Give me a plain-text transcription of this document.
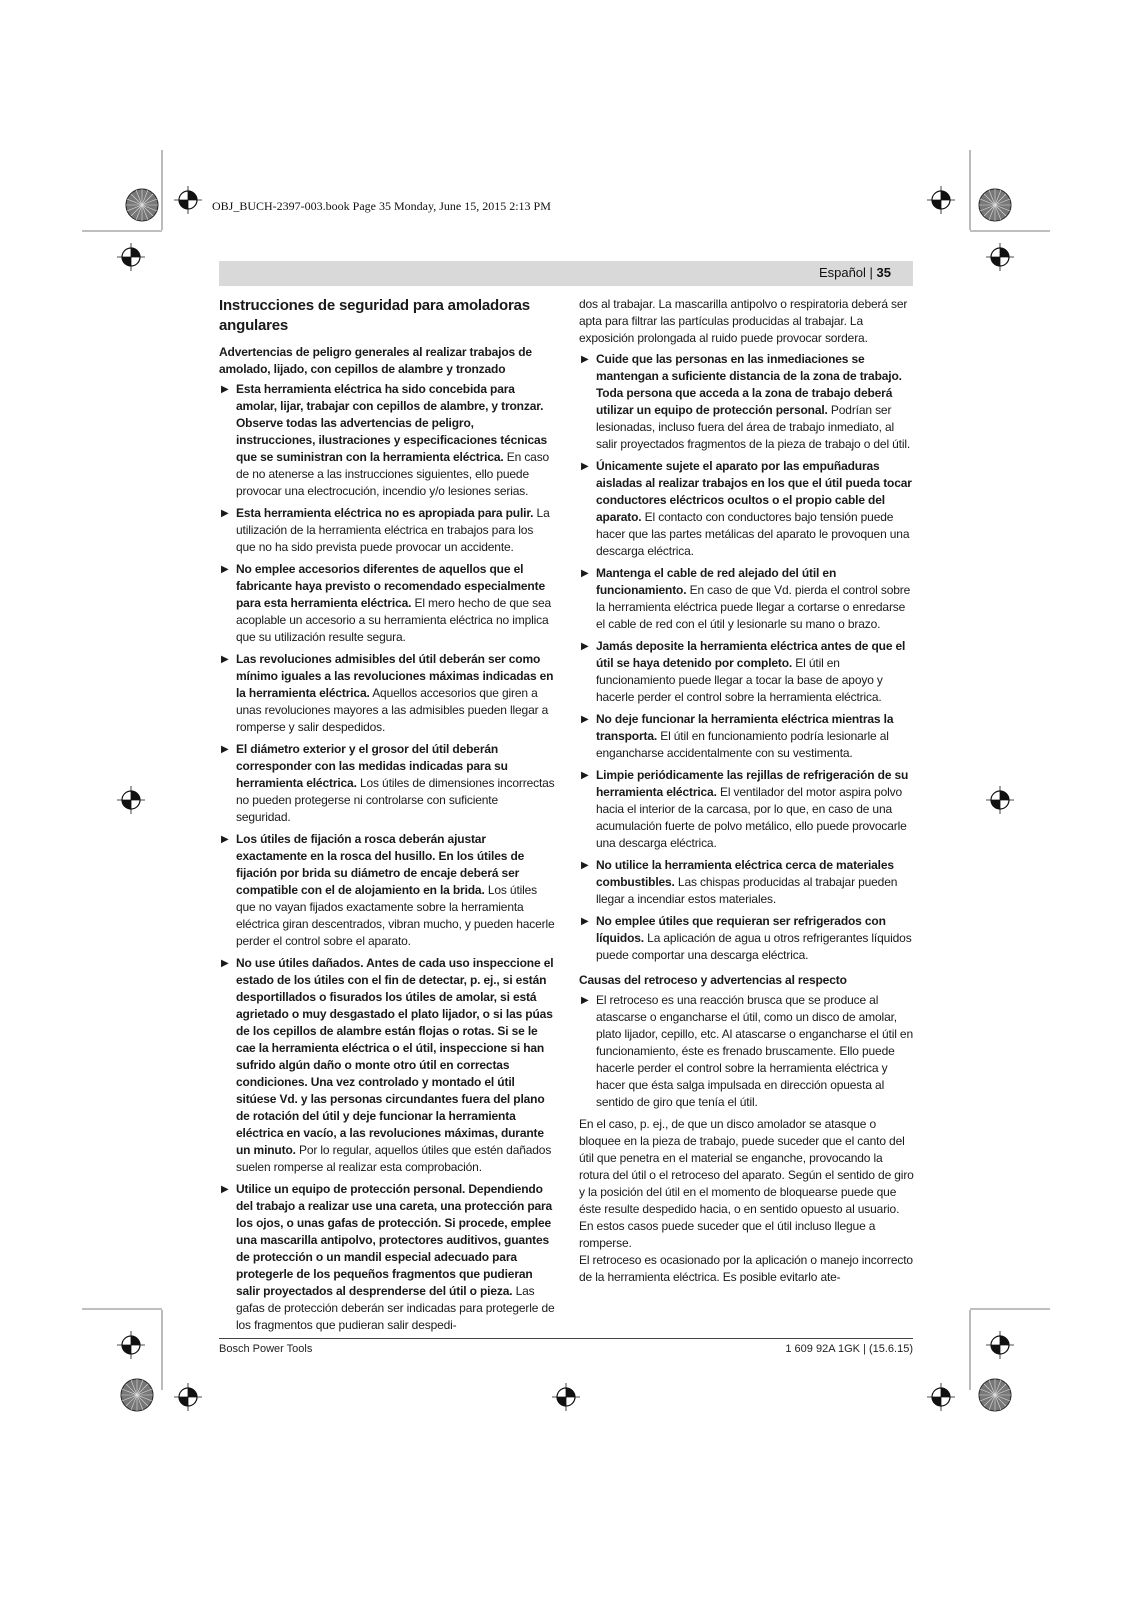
OBJ_BUCH-2397-003.book Page 35 Monday, June 15, 2015 2:13 PM
Español | 35
Instrucciones de seguridad para amoladoras angulares

Advertencias de peligro generales al realizar trabajos de amolado, lijado, con cepillos de alambre y tronzado

▶ Esta herramienta eléctrica ha sido concebida para amolar, lijar, trabajar con cepillos de alambre, y tronzar. Observe todas las advertencias de peligro, instrucciones, ilustraciones y especificaciones técnicas que se suministran con la herramienta eléctrica. En caso de no atenerse a las instrucciones siguientes, ello puede provocar una electrocución, incendio y/o lesiones serias.
▶ Esta herramienta eléctrica no es apropiada para pulir. La utilización de la herramienta eléctrica en trabajos para los que no ha sido prevista puede provocar un accidente.
▶ No emplee accesorios diferentes de aquellos que el fabricante haya previsto o recomendado especialmente para esta herramienta eléctrica. El mero hecho de que sea acoplable un accesorio a su herramienta eléctrica no implica que su utilización resulte segura.
▶ Las revoluciones admisibles del útil deberán ser como mínimo iguales a las revoluciones máximas indicadas en la herramienta eléctrica. Aquellos accesorios que giren a unas revoluciones mayores a las admisibles pueden llegar a romperse y salir despedidos.
▶ El diámetro exterior y el grosor del útil deberán corresponder con las medidas indicadas para su herramienta eléctrica. Los útiles de dimensiones incorrectas no pueden protegerse ni controlarse con suficiente seguridad.
▶ Los útiles de fijación a rosca deberán ajustar exactamente en la rosca del husillo. En los útiles de fijación por brida su diámetro de encaje deberá ser compatible con el de alojamiento en la brida. Los útiles que no vayan fijados exactamente sobre la herramienta eléctrica giran descentrados, vibran mucho, y pueden hacerle perder el control sobre el aparato.
▶ No use útiles dañados. Antes de cada uso inspeccione el estado de los útiles con el fin de detectar, p. ej., si están desportillados o fisurados los útiles de amolar, si está agrietado o muy desgastado el plato lijador, o si las púas de los cepillos de alambre están flojas o rotas. Si se le cae la herramienta eléctrica o el útil, inspeccione si han sufrido algún daño o monte otro útil en correctas condiciones. Una vez controlado y montado el útil sitúese Vd. y las personas circundantes fuera del plano de rotación del útil y deje funcionar la herramienta eléctrica en vacío, a las revoluciones máximas, durante un minuto. Por lo regular, aquellos útiles que estén dañados suelen romperse al realizar esta comprobación.
▶ Utilice un equipo de protección personal. Dependiendo del trabajo a realizar use una careta, una protección para los ojos, o unas gafas de protección. Si procede, emplee una mascarilla antipolvo, protectores auditivos, guantes de protección o un mandil especial adecuado para protegerle de los pequeños fragmentos que pudieran salir proyectados al desprenderse del útil o pieza. Las gafas de protección deberán ser indicadas para protegerle de los fragmentos que pudieran salir despedi-

dos al trabajar. La mascarilla antipolvo o respiratoria deberá ser apta para filtrar las partículas producidas al trabajar. La exposición prolongada al ruido puede provocar sordera.

▶ Cuide que las personas en las inmediaciones se mantengan a suficiente distancia de la zona de trabajo. Toda persona que acceda a la zona de trabajo deberá utilizar un equipo de protección personal. Podrían ser lesionadas, incluso fuera del área de trabajo inmediato, al salir proyectados fragmentos de la pieza de trabajo o del útil.
▶ Únicamente sujete el aparato por las empuñaduras aisladas al realizar trabajos en los que el útil pueda tocar conductores eléctricos ocultos o el propio cable del aparato. El contacto con conductores bajo tensión puede hacer que las partes metálicas del aparato le provoquen una descarga eléctrica.
▶ Mantenga el cable de red alejado del útil en funcionamiento. En caso de que Vd. pierda el control sobre la herramienta eléctrica puede llegar a cortarse o enredarse el cable de red con el útil y lesionarle su mano o brazo.
▶ Jamás deposite la herramienta eléctrica antes de que el útil se haya detenido por completo. El útil en funcionamiento puede llegar a tocar la base de apoyo y hacerle perder el control sobre la herramienta eléctrica.
▶ No deje funcionar la herramienta eléctrica mientras la transporta. El útil en funcionamiento podría lesionarle al engancharse accidentalmente con su vestimenta.
▶ Limpie periódicamente las rejillas de refrigeración de su herramienta eléctrica. El ventilador del motor aspira polvo hacia el interior de la carcasa, por lo que, en caso de una acumulación fuerte de polvo metálico, ello puede provocarle una descarga eléctrica.
▶ No utilice la herramienta eléctrica cerca de materiales combustibles. Las chispas producidas al trabajar pueden llegar a incendiar estos materiales.
▶ No emplee útiles que requieran ser refrigerados con líquidos. La aplicación de agua u otros refrigerantes líquidos puede comportar una descarga eléctrica.

Causas del retroceso y advertencias al respecto

▶ El retroceso es una reacción brusca que se produce al atascarse o engancharse el útil, como un disco de amolar, plato lijador, cepillo, etc. Al atascarse o engancharse el útil en funcionamiento, éste es frenado bruscamente. Ello puede hacerle perder el control sobre la herramienta eléctrica y hacer que ésta salga impulsada en dirección opuesta al sentido de giro que tenía el útil.

En el caso, p. ej., de que un disco amolador se atasque o bloquee en la pieza de trabajo, puede suceder que el canto del útil que penetra en el material se enganche, provocando la rotura del útil o el retroceso del aparato. Según el sentido de giro y la posición del útil en el momento de bloquearse puede que éste resulte despedido hacia, o en sentido opuesto al usuario. En estos casos puede suceder que el útil incluso llegue a romperse.

El retroceso es ocasionado por la aplicación o manejo incorrecto de la herramienta eléctrica. Es posible evitarlo ate-

Bosch Power Tools	1 609 92A 1GK | (15.6.15)
